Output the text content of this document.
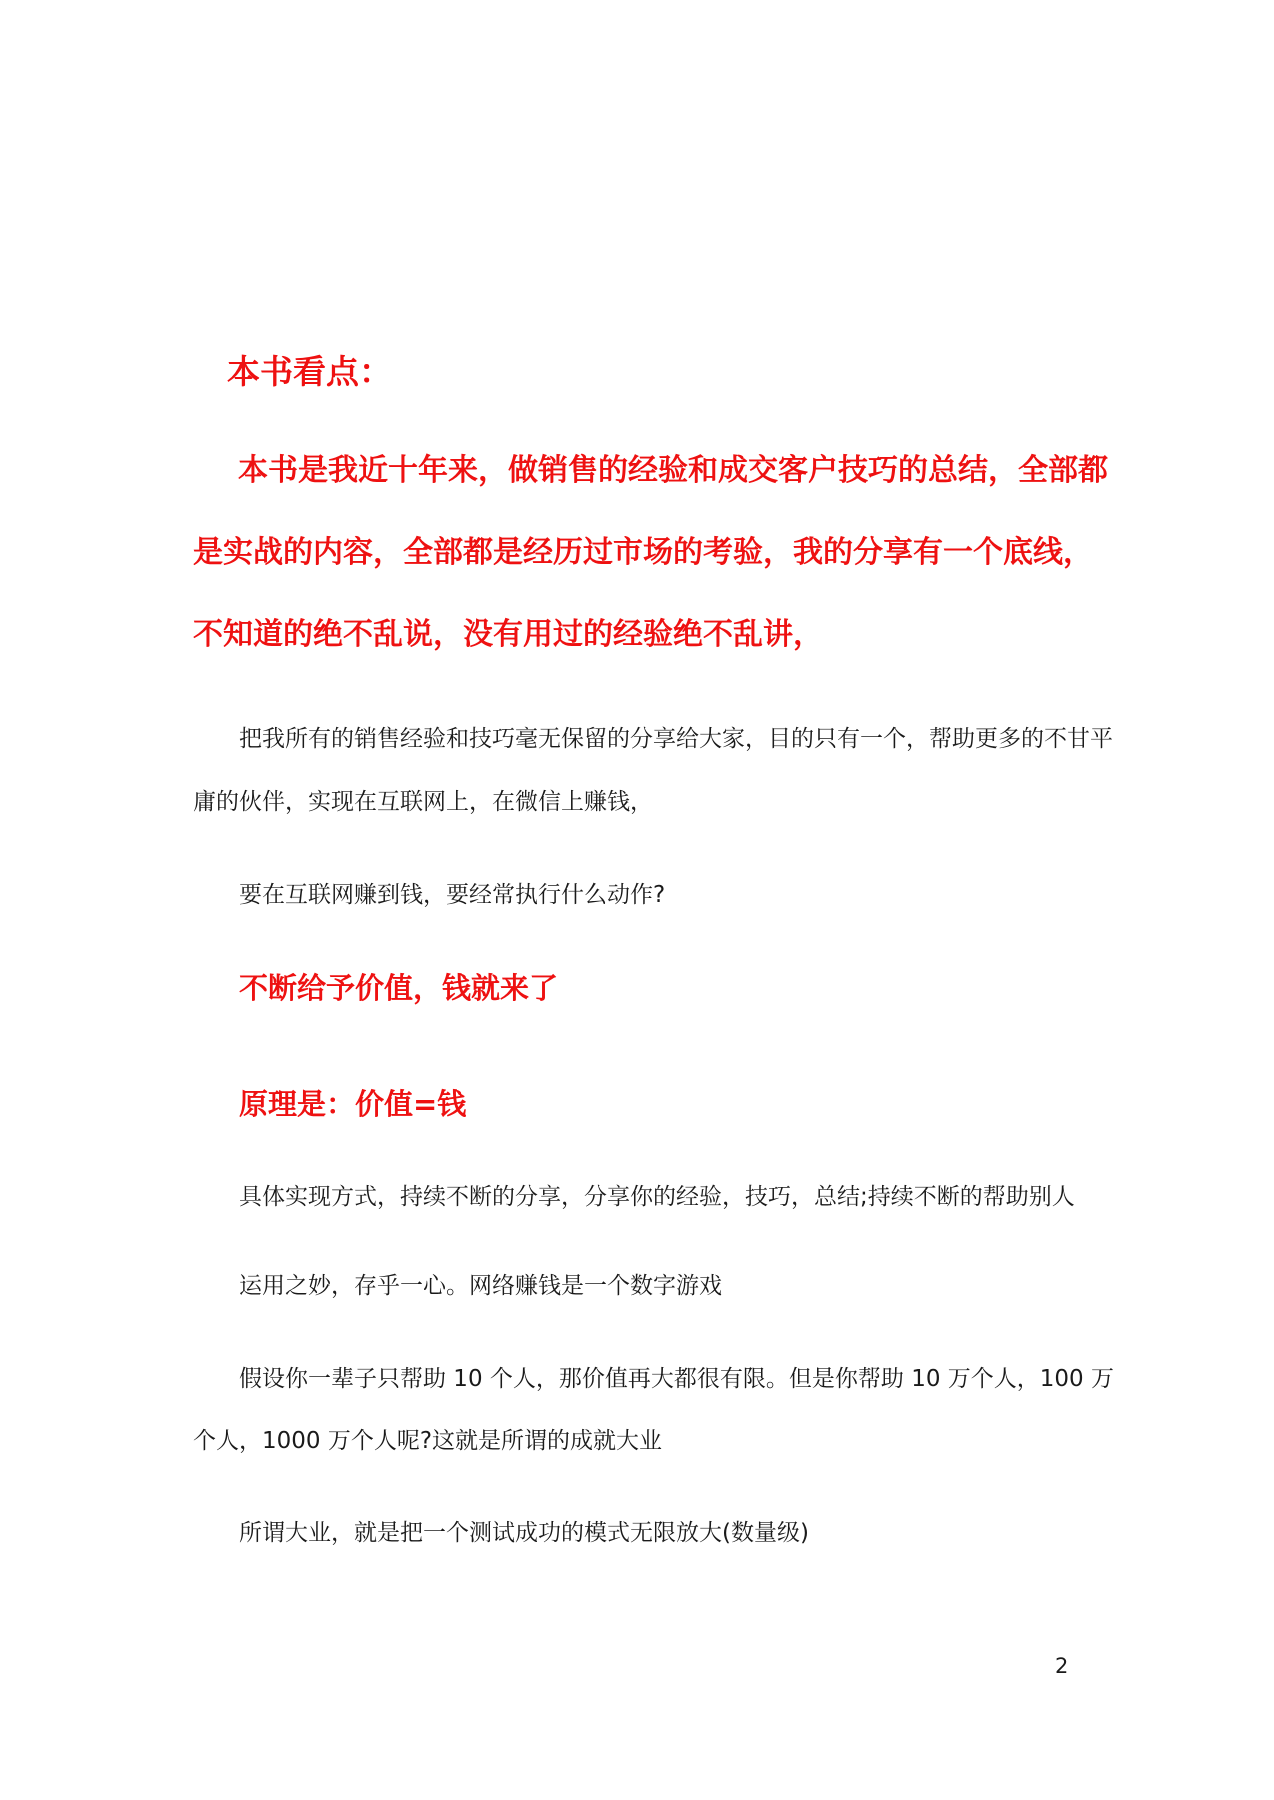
本书看点：

本书是我近十年来，做销售的经验和成交客户技巧的总结，全部都

是实战的内容，全部都是经历过市场的考验，我的分享有一个底线，

不知道的绝不乱说，没有用过的经验绝不乱讲，

把我所有的销售经验和技巧毫无保留的分享给大家，目的只有一个，帮助更多的不甘平

庸的伙伴，实现在互联网上，在微信上赚钱，

要在互联网赚到钱，要经常执行什么动作?

不断给予价值，钱就来了

原理是：价值=钱

具体实现方式，持续不断的分享，分享你的经验，技巧，总结;持续不断的帮助别人

运用之妙，存乎一心。网络赚钱是一个数字游戏

假设你一辈子只帮助 10 个人，那价值再大都很有限。但是你帮助 10 万个人，100 万

个人，1000 万个人呢?这就是所谓的成就大业

所谓大业，就是把一个测试成功的模式无限放大(数量级)

2
